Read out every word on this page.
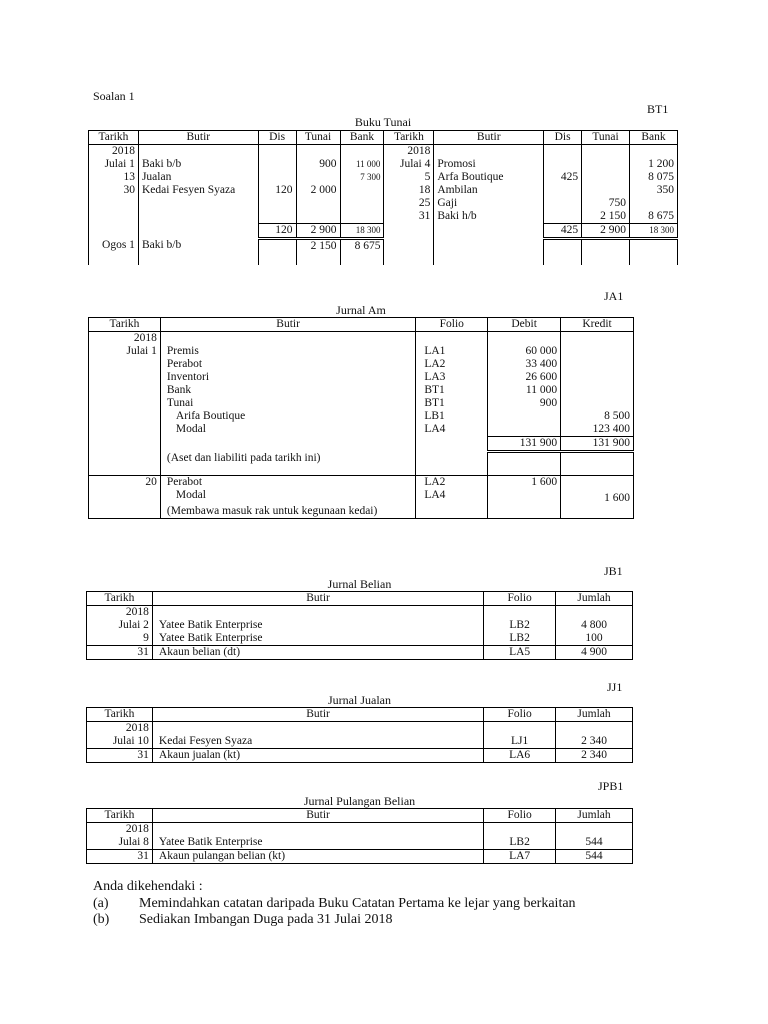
Soalan 1
BT1
Buku Tunai
Tarikh	Butir	Dis	Tunai	Bank	Tarikh	Butir	Dis	Tunai	Bank
2018					2018				
Julai 1	Baki b/b		900	11 000	Julai 4	Promosi			1 200
13	Jualan			7 300	5	Arfa Boutique	425		8 075
30	Kedai Fesyen Syaza	120	2 000		18	Ambilan			350
					25	Gaji		750	
					31	Baki h/b		2 150	8 675
		120	2 900	18 300			425	2 900	18 300
Ogos 1	Baki b/b		2 150	8 675					

JA1
Jurnal Am
Tarikh	Butir	Folio	Debit	Kredit
2018				
Julai 1	Premis	LA1	60 000	
	Perabot	LA2	33 400	
	Inventori	LA3	26 600	
	Bank	BT1	11 000	
	Tunai	BT1	900	
	Arifa Boutique	LB1		8 500
	Modal	LA4		123 400
			131 900	131 900
	(Aset dan liabiliti pada tarikh ini)			

20	Perabot	LA2	1 600	
	Modal	LA4		1 600
	(Membawa masuk rak untuk kegunaan kedai)			
JB1
Jurnal Belian
Tarikh	Butir	Folio	Jumlah
2018			
Julai 2	Yatee Batik Enterprise	LB2	4 800
9	Yatee Batik Enterprise	LB2	100
31	Akaun belian (dt)	LA5	4 900
JJ1
Jurnal Jualan
Tarikh	Butir	Folio	Jumlah
2018			
Julai 10	Kedai Fesyen Syaza	LJ1	2 340
31	Akaun jualan (kt)	LA6	2 340
JPB1
Jurnal Pulangan Belian
Tarikh	Butir	Folio	Jumlah
2018			
Julai 8	Yatee Batik Enterprise	LB2	544
31	Akaun pulangan belian (kt)	LA7	544
Anda dikehendaki :
(a) Memindahkan catatan daripada Buku Catatan Pertama ke lejar yang berkaitan
(b) Sediakan Imbangan Duga pada 31 Julai 2018
